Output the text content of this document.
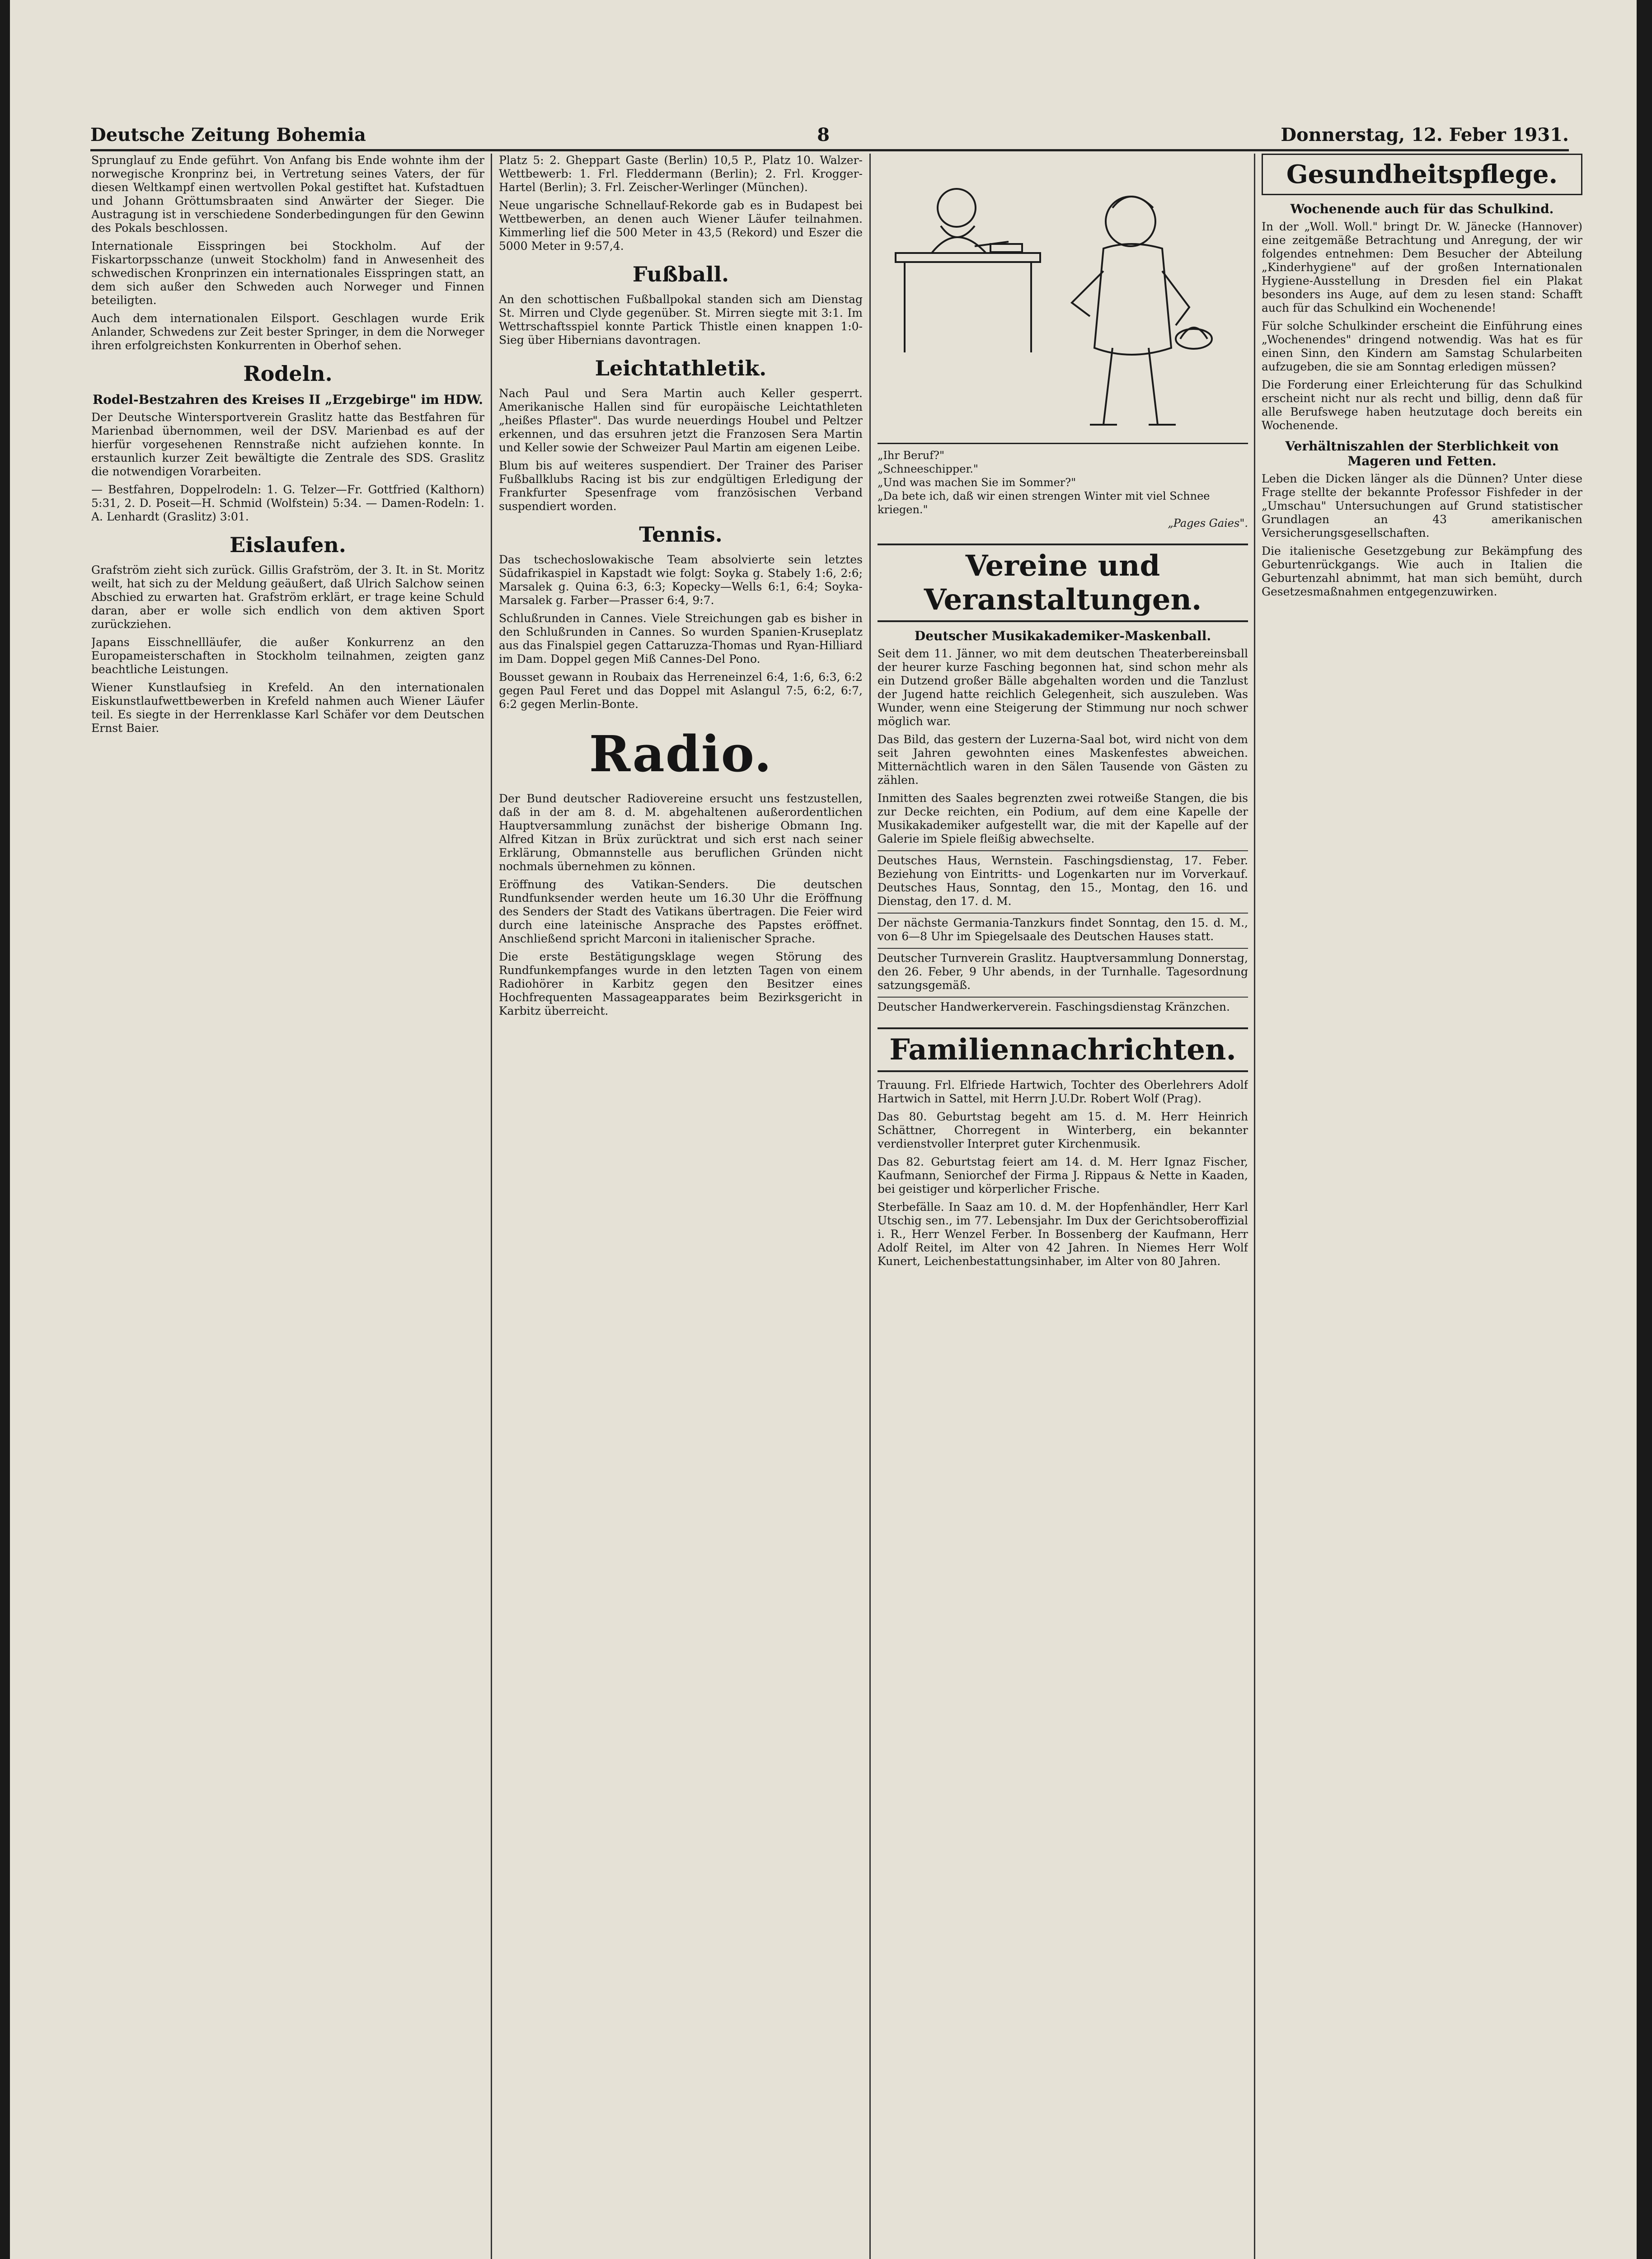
Deutsche Zeitung Bohemia	8	Donnerstag, 12. Feber 1931.

Sprunglauf zu Ende geführt. Von Anfang bis Ende wohnte ihm der norwegische Kronprinz bei, in Vertretung seines Vaters, der für diesen Weltkampf einen wertvollen Pokal gestiftet hat. Kufstadtuen und Johann Gröttumsbraaten sind Anwärter der Sieger. Die Austragung ist in verschiedene Sonderbedingungen für den Gewinn des Pokals beschlossen.

Internationale Eisspringen bei Stockholm. Auf der Fiskartorpsschanze (unweit Stockholm) fand in Anwesenheit des schwedischen Kronprinzen ein internationales Eisspringen statt, an dem sich außer den Schweden auch Norweger und Finnen beteiligten.

Auch dem internationalen Eilsport. Geschlagen wurde Erik Anlander, Schwedens zur Zeit bester Springer, in dem die Norweger ihren erfolgreichsten Konkurrenten in Oberhof sehen.

Rodeln.
Rodel-Bestzahren des Kreises II „Erzgebirge" im HDW.

Der Deutsche Wintersportverein Graslitz hatte das Bestfahren für Marienbad übernommen, weil der DSV. Marienbad es auf der hierfür vorgesehenen Rennstraße nicht aufziehen konnte. In erstaunlich kurzer Zeit bewältigte die Zentrale des SDS. Graslitz die notwendigen Vorarbeiten.

— Bestfahren, Doppelrodeln: 1. G. Telzer—Fr. Gottfried (Kalthorn) 5:31, 2. D. Poseit—H. Schmid (Wolfstein) 5:34. — Damen-Rodeln: 1. A. Lenhardt (Graslitz) 3:01.

Eislaufen.

Grafström zieht sich zurück. Gillis Grafström, der 3. It. in St. Moritz weilt, hat sich zu der Meldung geäußert, daß Ulrich Salchow seinen Abschied zu erwarten hat. Grafström erklärt, er trage keine Schuld daran, aber er wolle sich endlich von dem aktiven Sport zurückziehen.

Japans Eisschnellläufer, die außer Konkurrenz an den Europameisterschaften in Stockholm teilnahmen, zeigten ganz beachtliche Leistungen.

Wiener Kunstlaufsieg in Krefeld. An den internationalen Eiskunstlaufwettbewerben in Krefeld nahmen auch Wiener Läufer teil. Es siegte in der Herrenklasse Karl Schäfer vor dem Deutschen Ernst Baier.

Platz 5: 2. Gheppart Gaste (Berlin) 10,5 P., Platz 10. Walzer-Wettbewerb: 1. Frl. Fleddermann (Berlin); 2. Frl. Krogger-Hartel (Berlin); 3. Frl. Zeischer-Werlinger (München).

Neue ungarische Schnellauf-Rekorde gab es in Budapest bei Wettbewerben, an denen auch Wiener Läufer teilnahmen. Kimmerling lief die 500 Meter in 43,5 (Rekord) und Eszer die 5000 Meter in 9:57,4.

Fußball.

An den schottischen Fußballpokal standen sich am Dienstag St. Mirren und Clyde gegenüber. St. Mirren siegte mit 3:1. Im Wettrschaftsspiel konnte Partick Thistle einen knappen 1:0-Sieg über Hibernians davontragen.

Leichtathletik.

Nach Paul und Sera Martin auch Keller gesperrt. Amerikanische Hallen sind für europäische Leichtathleten „heißes Pflaster". Das wurde neuerdings Houbel und Peltzer erkennen, und das ersuhren jetzt die Franzosen Sera Martin und Keller sowie der Schweizer Paul Martin am eigenen Leibe.

Blum bis auf weiteres suspendiert. Der Trainer des Pariser Fußballklubs Racing ist bis zur endgültigen Erledigung der Frankfurter Spesenfrage vom französischen Verband suspendiert worden.

Tennis.

Das tschechoslowakische Team absolvierte sein letztes Südafrikaspiel in Kapstadt wie folgt: Soyka g. Stabely 1:6, 2:6; Marsalek g. Quina 6:3, 6:3; Kopecky—Wells 6:1, 6:4; Soyka-Marsalek g. Farber—Prasser 6:4, 9:7.

Schlußrunden in Cannes. Viele Streichungen gab es bisher in den Schlußrunden in Cannes. So wurden Spanien-Kruseplatz aus das Finalspiel gegen Cattaruzza-Thomas und Ryan-Hilliard im Dam. Doppel gegen Miß Cannes-Del Pono.

Bousset gewann in Roubaix das Herreneinzel 6:4, 1:6, 6:3, 6:2 gegen Paul Feret und das Doppel mit Aslangul 7:5, 6:2, 6:7, 6:2 gegen Merlin-Bonte.

Radio.

Der Bund deutscher Radiovereine ersucht uns festzustellen, daß in der am 8. d. M. abgehaltenen außerordentlichen Hauptversammlung zunächst der bisherige Obmann Ing. Alfred Kitzan in Brüx zurücktrat und sich erst nach seiner Erklärung, Obmannstelle aus beruflichen Gründen nicht nochmals übernehmen zu können.

Eröffnung des Vatikan-Senders. Die deutschen Rundfunksender werden heute um 16.30 Uhr die Eröffnung des Senders der Stadt des Vatikans übertragen. Die Feier wird durch eine lateinische Ansprache des Papstes eröffnet. Anschließend spricht Marconi in italienischer Sprache.

Die erste Bestätigungsklage wegen Störung des Rundfunkempfanges wurde in den letzten Tagen von einem Radiohörer in Karbitz gegen den Besitzer eines Hochfrequenten Massageapparates beim Bezirksgericht in Karbitz überreicht.

„Ihr Beruf?"
„Schneeschipper."
„Und was machen Sie im Sommer?"
„Da bete ich, daß wir einen strengen Winter mit viel Schnee kriegen."
„Pages Gaies".

Vereine und Veranstaltungen.
Deutscher Musikakademiker-Maskenball.

Seit dem 11. Jänner, wo mit dem deutschen Theaterbereinsball der heurer kurze Fasching begonnen hat, sind schon mehr als ein Dutzend großer Bälle abgehalten worden und die Tanzlust der Jugend hatte reichlich Gelegenheit, sich auszuleben. Was Wunder, wenn eine Steigerung der Stimmung nur noch schwer möglich war.

Das Bild, das gestern der Luzerna-Saal bot, wird nicht von dem seit Jahren gewohnten eines Maskenfestes abweichen. Mitternächtlich waren in den Sälen Tausende von Gästen zu zählen.

Inmitten des Saales begrenzten zwei rotweiße Stangen, die bis zur Decke reichten, ein Podium, auf dem eine Kapelle der Musikakademiker aufgestellt war, die mit der Kapelle auf der Galerie im Spiele fleißig abwechselte.

Deutsches Haus, Wernstein. Faschingsdienstag, 17. Feber. Beziehung von Eintritts- und Logenkarten nur im Vorverkauf. Deutsches Haus, Sonntag, den 15., Montag, den 16. und Dienstag, den 17. d. M.

Der nächste Germania-Tanzkurs findet Sonntag, den 15. d. M., von 6—8 Uhr im Spiegelsaale des Deutschen Hauses statt.

Deutscher Turnverein Graslitz. Hauptversammlung Donnerstag, den 26. Feber, 9 Uhr abends, in der Turnhalle. Tagesordnung satzungsgemäß.

Deutscher Handwerkerverein. Faschingsdienstag Kränzchen.

Familiennachrichten.

Trauung. Frl. Elfriede Hartwich, Tochter des Oberlehrers Adolf Hartwich in Sattel, mit Herrn J.U.Dr. Robert Wolf (Prag).

Das 80. Geburtstag begeht am 15. d. M. Herr Heinrich Schättner, Chorregent in Winterberg, ein bekannter verdienstvoller Interpret guter Kirchenmusik.

Das 82. Geburtstag feiert am 14. d. M. Herr Ignaz Fischer, Kaufmann, Seniorchef der Firma J. Rippaus & Nette in Kaaden, bei geistiger und körperlicher Frische.

Sterbefälle. In Saaz am 10. d. M. der Hopfenhändler, Herr Karl Utschig sen., im 77. Lebensjahr. Im Dux der Gerichtsoberoffizial i. R., Herr Wenzel Ferber. In Bossenberg der Kaufmann, Herr Adolf Reitel, im Alter von 42 Jahren. In Niemes Herr Wolf Kunert, Leichenbestattungsinhaber, im Alter von 80 Jahren.

Gesundheitspflege.
Wochenende auch für das Schulkind.

In der „Woll. Woll." bringt Dr. W. Jänecke (Hannover) eine zeitgemäße Betrachtung und Anregung, der wir folgendes entnehmen: Dem Besucher der Abteilung „Kinderhygiene" auf der großen Internationalen Hygiene-Ausstellung in Dresden fiel ein Plakat besonders ins Auge, auf dem zu lesen stand: Schafft auch für das Schulkind ein Wochenende!

Für solche Schulkinder erscheint die Einführung eines „Wochenendes" dringend notwendig. Was hat es für einen Sinn, den Kindern am Samstag Schularbeiten aufzugeben, die sie am Sonntag erledigen müssen?

Die Forderung einer Erleichterung für das Schulkind erscheint nicht nur als recht und billig, denn daß für alle Berufswege haben heutzutage doch bereits ein Wochenende.

Verhältniszahlen der Sterblichkeit von Mageren und Fetten.

Leben die Dicken länger als die Dünnen? Unter diese Frage stellte der bekannte Professor Fishfeder in der „Umschau" Untersuchungen auf Grund statistischer Grundlagen an 43 amerikanischen Versicherungsgesellschaften.

Die italienische Gesetzgebung zur Bekämpfung des Geburtenrückgangs. Wie auch in Italien die Geburtenzahl abnimmt, hat man sich bemüht, durch Gesetzesmaßnahmen entgegenzuwirken.
